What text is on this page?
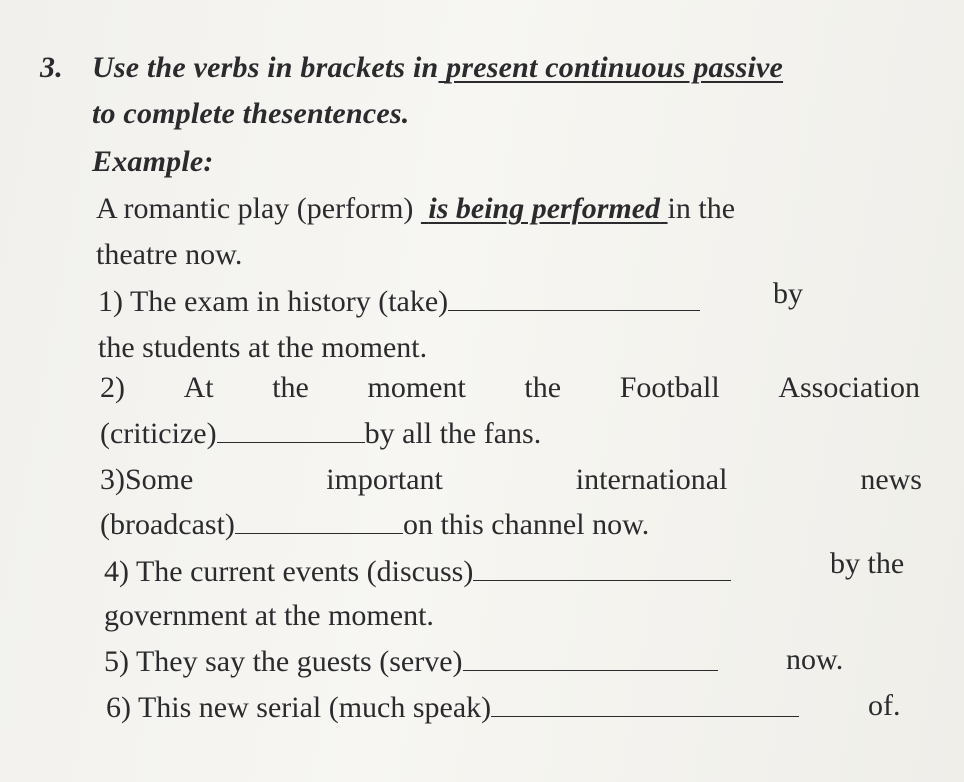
3. Use the verbs in brackets in present continuous passive
to complete thesentences.
Example:
A romantic play (perform) is being performed in the
theatre now.
1) The exam in history (take)	by
the students at the moment.
2) At the moment the Football Association
(criticize)	by all the fans.
3)Some	important	international	news
(broadcast)	on this channel now.
4) The current events (discuss)	by the
government at the moment.
5) They say the guests (serve)	now.
6) This new serial (much speak)	of.
